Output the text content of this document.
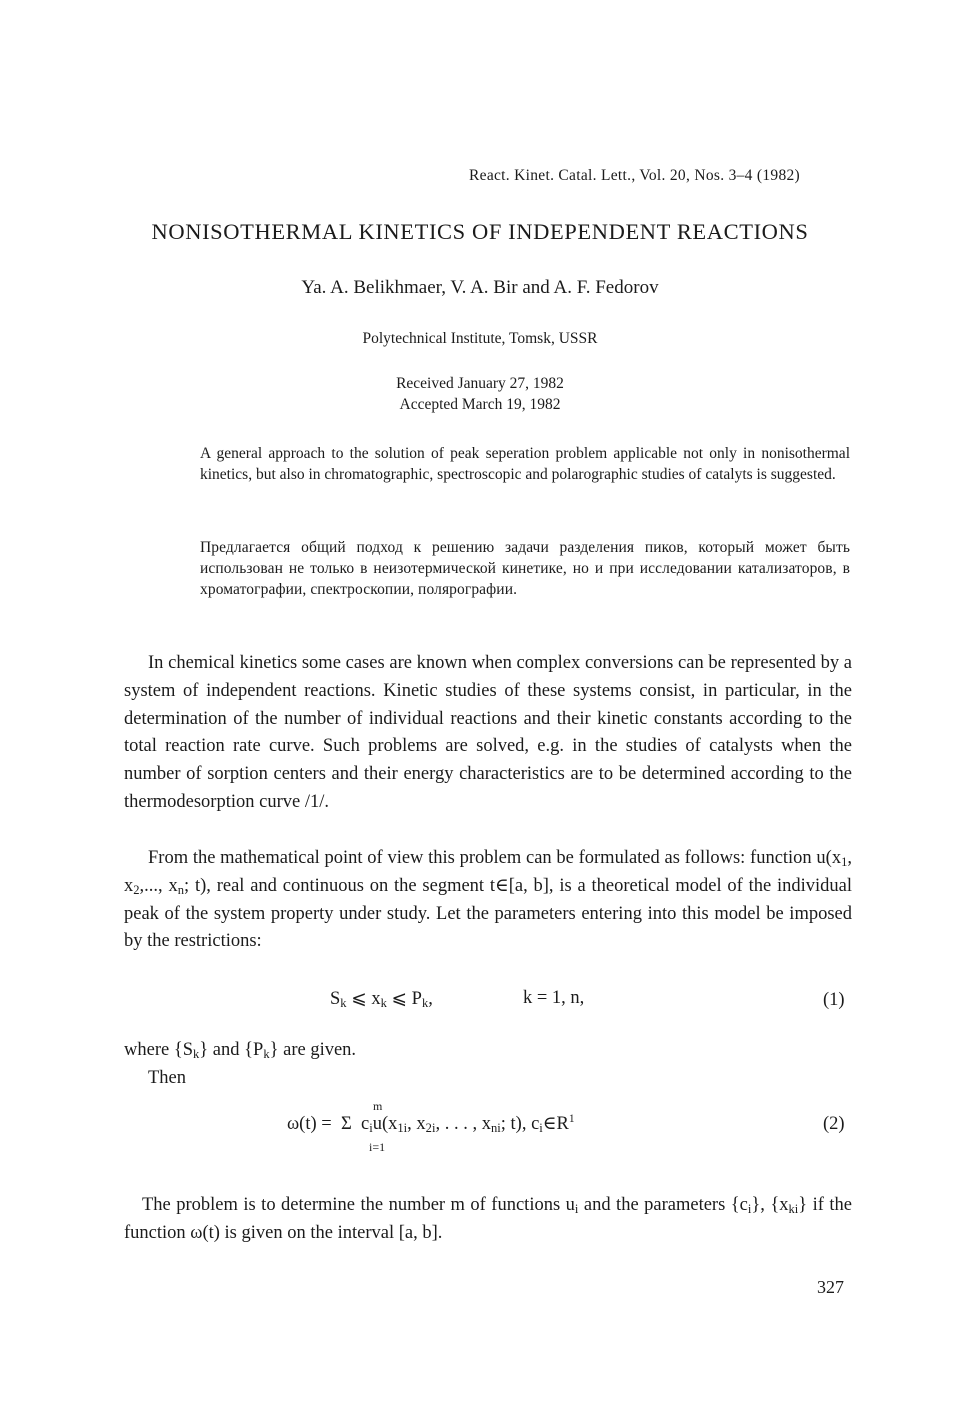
React. Kinet. Catal. Lett., Vol. 20, Nos. 3–4 (1982)
NONISOTHERMAL KINETICS OF INDEPENDENT REACTIONS
Ya. A. Belikhmaer, V. A. Bir and A. F. Fedorov
Polytechnical Institute, Tomsk, USSR
Received January 27, 1982
Accepted March 19, 1982
A general approach to the solution of peak seperation problem applicable not only in nonisothermal kinetics, but also in chromatographic, spectroscopic and polarographic studies of catalyts is suggested.
Предлагается общий подход к решению задачи разделения пиков, который может быть использован не только в неизотермической кинетике, но и при исследовании катализаторов, в хроматографии, спектроскопии, полярографии.

In chemical kinetics some cases are known when complex conversions can be represented by a system of independent reactions. Kinetic studies of these systems consist, in particular, in the determination of the number of individual reactions and their kinetic constants according to the total reaction rate curve. Such problems are solved, e.g. in the studies of catalysts when the number of sorption centers and their energy characteristics are to be determined according to the thermodesorption curve /1/.

From the mathematical point of view this problem can be formulated as follows: function $u(x_1$, $x_2$,..., $x_n$; t), real and continuous on the segment t∈[a, b], is a theoretical model of the individual peak of the system property under study. Let the parameters entering into this model be imposed by the restrictions:

$S_k$ ⩽ $x_k$ ⩽ $P_k$,	k = 1, n,	(1)
where $\{S_k\}$ and $\{P_k\}$ are given.
Then
m
i=1
ω(t) =  Σ  $c_iu(x_{1i}$, $x_{2i}$, . . . , $x_{ni}$; t), $c_i\in R^1$	(2)

The problem is to determine the number m of functions $u_i$ and the parameters $\{c_i\}$, $\{x_{ki}\}$ if the function ω(t) is given on the interval [a, b].

327
